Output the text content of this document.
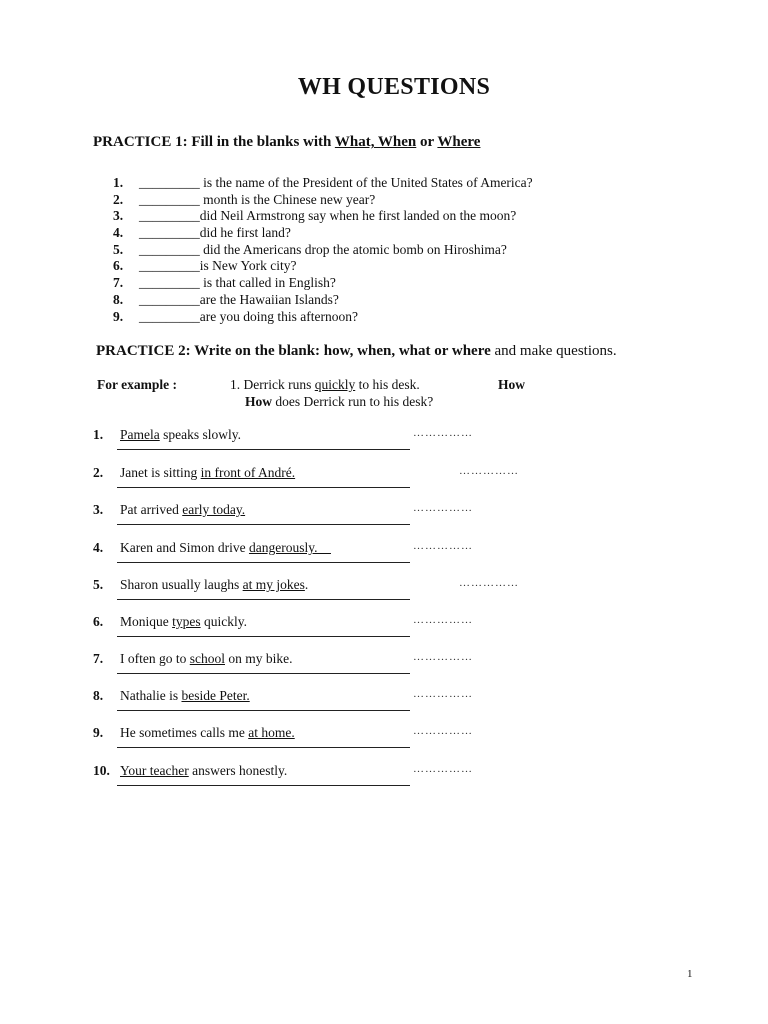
WH QUESTIONS
PRACTICE 1: Fill in the blanks with What, When or Where
1. _________ is the name of the President of the United States of America?
2. _________ month is the Chinese new year?
3. _________did Neil Armstrong say when he first landed on the moon?
4. _________did he first land?
5. _________ did the Americans drop the atomic bomb on Hiroshima?
6. _________is New York city?
7. _________ is that called in English?
8. _________are the Hawaiian Islands?
9. _________are you doing this afternoon?
PRACTICE 2: Write on the blank: how, when, what or where and make questions.
For example :	1. Derrick runs quickly to his desk.	How
How does Derrick run to his desk?
1. Pamela speaks slowly.	……………
2. Janet is sitting in front of André.	……………
3. Pat arrived early today.	……………
4. Karen and Simon drive dangerously.	……………
5. Sharon usually laughs at my jokes.	……………
6. Monique types quickly.	……………
7. I often go to school on my bike.	……………
8. Nathalie is beside Peter.	……………
9. He sometimes calls me at home.	……………
10. Your teacher answers honestly.	……………
1
